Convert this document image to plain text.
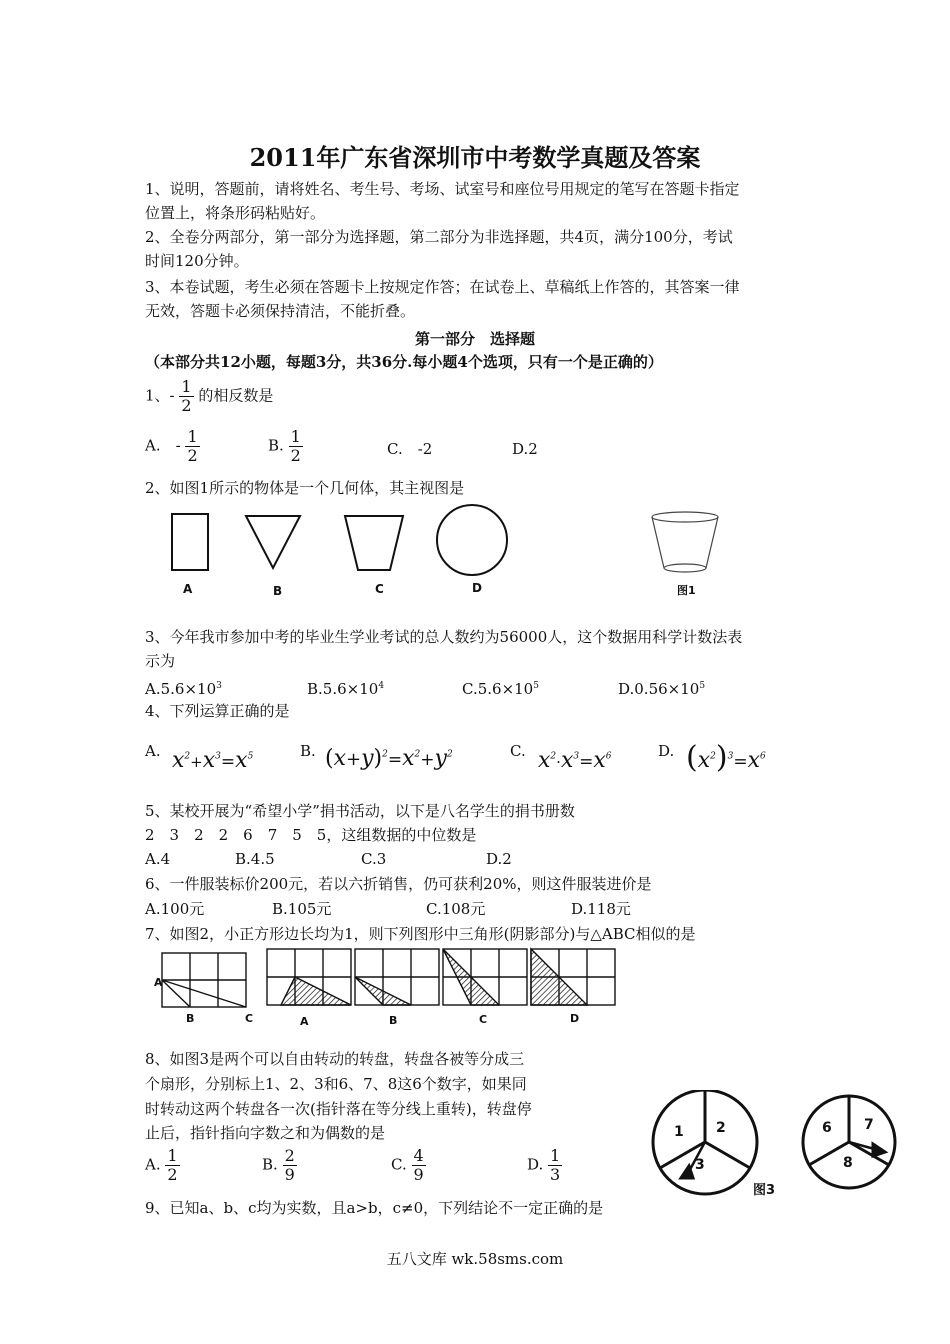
2011年广东省深圳市中考数学真题及答案
1、说明，答题前，请将姓名、考生号、考场、试室号和座位号用规定的笔写在答题卡指定
位置上，将条形码粘贴好。
2、全卷分两部分，第一部分为选择题，第二部分为非选择题，共4页，满分100分，考试
时间120分钟。
3、本卷试题，考生必须在答题卡上按规定作答；在试卷上、草稿纸上作答的，其答案一律
无效，答题卡必须保持清洁，不能折叠。
第一部分　选择题
（本部分共12小题，每题3分，共36分.每小题4个选项，只有一个是正确的）
1、- $\frac{1}{2}$ 的相反数是
A.　- $\frac{1}{2}$	B. $\frac{1}{2}$	C.　-2	D.2
2、如图1所示的物体是一个几何体，其主视图是
A	B	C	D	图1
3、今年我市参加中考的毕业生学业考试的总人数约为56000人，这个数据用科学计数法表
示为
$A.5.6\times 10^3$	$B.5.6\times 10^4$	$C.5.6\times 10^5$	$D.0.56\times 10^5$
4、下列运算正确的是
A. $x^2+x^3=x^5$	B. $(x+y)^2=x^2+y^2$	C. $x^2\cdot x^3=x^6$	D. $(x^2)^3=x^6$
5、某校开展为“希望小学”捐书活动，以下是八名学生的捐书册数
2　3　2　2　6　7　5　5，这组数据的中位数是
A.4	B.4.5	C.3	D.2
6、一件服装标价200元，若以六折销售，仍可获利20%，则这件服装进价是
A.100元	B.105元	C.108元	D.118元
7、如图2，小正方形边长均为1，则下列图形中三角形(阴影部分)与△ABC相似的是
A
B	C	A	B	C	D
8、如图3是两个可以自由转动的转盘，转盘各被等分成三
个扇形，分别标上1、2、3和6、7、8这6个数字，如果同
时转动这两个转盘各一次(指针落在等分线上重转)，转盘停
止后，指针指向字数之和为偶数的是
A. $\frac{1}{2}$	B. $\frac{2}{9}$	C. $\frac{4}{9}$	D. $\frac{1}{3}$
1 2
3
6 7
8
图3
9、已知a、b、c均为实数，且a>b，c≠0，下列结论不一定正确的是
五八文库 wk.58sms.com
